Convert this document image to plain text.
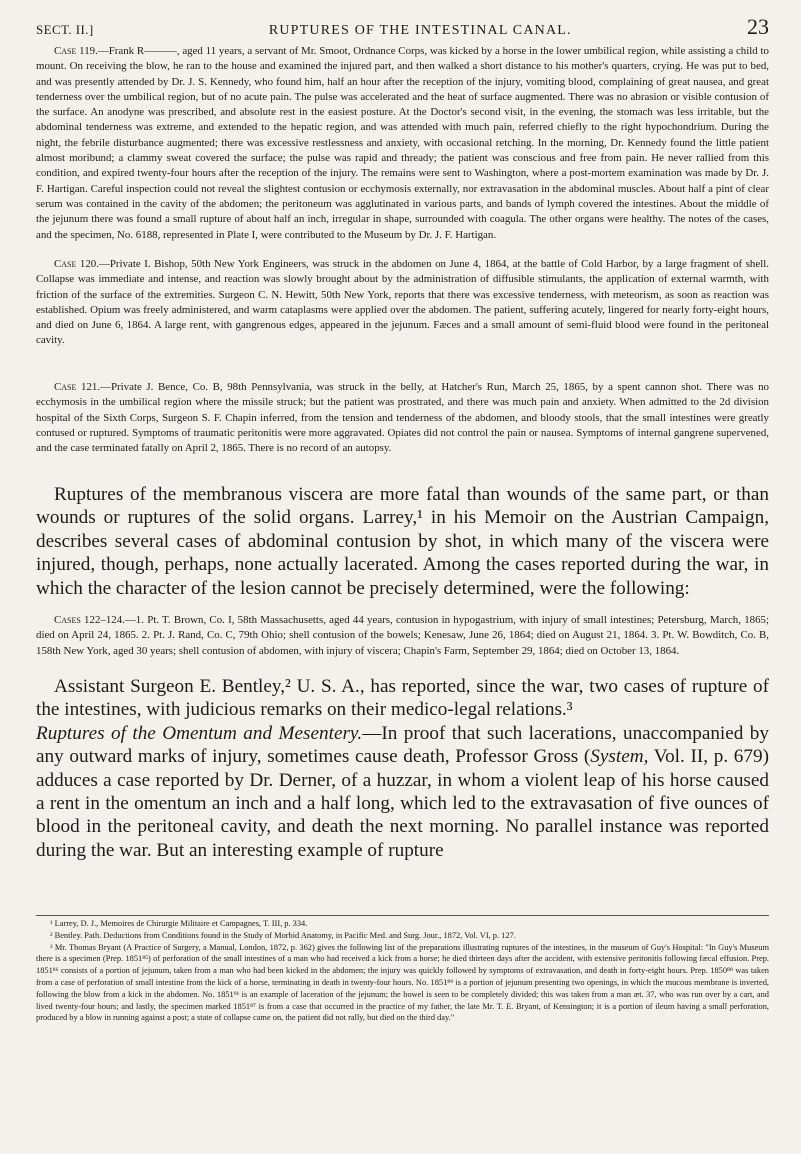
SECT. II.]	RUPTURES OF THE INTESTINAL CANAL.	23

Case 119.—Frank R———, aged 11 years, a servant of Mr. Smoot, Ordnance Corps, was kicked by a horse in the lower umbilical region, while assisting a child to mount. On receiving the blow, he ran to the house and examined the injured part, and then walked a short distance to his mother's quarters, crying. He was put to bed, and was presently attended by Dr. J. S. Kennedy, who found him, half an hour after the reception of the injury, vomiting blood, complaining of great nausea, and great tenderness over the umbilical region, but of no acute pain. The pulse was accelerated and the heat of surface augmented. There was no abrasion or visible contusion of the surface. An anodyne was prescribed, and absolute rest in the easiest posture. At the Doctor's second visit, in the evening, the stomach was less irritable, but the abdominal tenderness was extreme, and extended to the hepatic region, and was attended with much pain, referred chiefly to the right hypochondrium. During the night, the febrile disturbance augmented; there was excessive restlessness and anxiety, with occasional retching. In the morning, Dr. Kennedy found the little patient almost moribund; a clammy sweat covered the surface; the pulse was rapid and thready; the patient was conscious and free from pain. He never rallied from this condition, and expired twenty-four hours after the reception of the injury. The remains were sent to Washington, where a post-mortem examination was made by Dr. J. F. Hartigan. Careful inspection could not reveal the slightest contusion or ecchymosis externally, nor extravasation in the abdominal muscles. About half a pint of clear serum was contained in the cavity of the abdomen; the peritoneum was agglutinated in various parts, and bands of lymph covered the intestines. About the middle of the jejunum there was found a small rupture of about half an inch, irregular in shape, surrounded with coagula. The other organs were healthy. The notes of the cases, and the specimen, No. 6188, represented in Plate I, were contributed to the Museum by Dr. J. F. Hartigan.

Case 120.—Private I. Bishop, 50th New York Engineers, was struck in the abdomen on June 4, 1864, at the battle of Cold Harbor, by a large fragment of shell. Collapse was immediate and intense, and reaction was slowly brought about by the administration of diffusible stimulants, the application of external warmth, with friction of the surface of the extremities. Surgeon C. N. Hewitt, 50th New York, reports that there was excessive tenderness, with meteorism, as soon as reaction was established. Opium was freely administered, and warm cataplasms were applied over the abdomen. The patient, suffering acutely, lingered for nearly forty-eight hours, and died on June 6, 1864. A large rent, with gangrenous edges, appeared in the jejunum. Fæces and a small amount of semi-fluid blood were found in the peritoneal cavity.

Case 121.—Private J. Bence, Co. B, 98th Pennsylvania, was struck in the belly, at Hatcher's Run, March 25, 1865, by a spent cannon shot. There was no ecchymosis in the umbilical region where the missile struck; but the patient was prostrated, and there was much pain and anxiety. When admitted to the 2d division hospital of the Sixth Corps, Surgeon S. F. Chapin inferred, from the tension and tenderness of the abdomen, and bloody stools, that the small intestines were greatly contused or ruptured. Symptoms of traumatic peritonitis were more aggravated. Opiates did not control the pain or nausea. Symptoms of internal gangrene supervened, and the case terminated fatally on April 2, 1865. There is no record of an autopsy.

Ruptures of the membranous viscera are more fatal than wounds of the same part, or than wounds or ruptures of the solid organs. Larrey,¹ in his Memoir on the Austrian Campaign, describes several cases of abdominal contusion by shot, in which many of the viscera were injured, though, perhaps, none actually lacerated. Among the cases reported during the war, in which the character of the lesion cannot be precisely determined, were the following:

Cases 122–124.—1. Pt. T. Brown, Co. I, 58th Massachusetts, aged 44 years, contusion in hypogastrium, with injury of small intestines; Petersburg, March, 1865; died on April 24, 1865. 2. Pt. J. Rand, Co. C, 79th Ohio; shell contusion of the bowels; Kenesaw, June 26, 1864; died on August 21, 1864. 3. Pt. W. Bowditch, Co. B, 158th New York, aged 30 years; shell contusion of abdomen, with injury of viscera; Chapin's Farm, September 29, 1864; died on October 13, 1864.

Assistant Surgeon E. Bentley,² U. S. A., has reported, since the war, two cases of rupture of the intestines, with judicious remarks on their medico-legal relations.³
Ruptures of the Omentum and Mesentery.—In proof that such lacerations, unaccompanied by any outward marks of injury, sometimes cause death, Professor Gross (System, Vol. II, p. 679) adduces a case reported by Dr. Derner, of a huzzar, in whom a violent leap of his horse caused a rent in the omentum an inch and a half long, which led to the extravasation of five ounces of blood in the peritoneal cavity, and death the next morning. No parallel instance was reported during the war. But an interesting example of rupture

¹ Larrey, D. J., Memoires de Chirurgie Militaire et Campagnes, T. III, p. 334.

² Bentley. Path. Deductions from Conditions found in the Study of Morbid Anatomy, in Pacific Med. and Surg. Jour., 1872, Vol. VI, p. 127.

³ Mr. Thomas Bryant (A Practice of Surgery, a Manual, London, 1872, p. 362) gives the following list of the preparations illustrating ruptures of the intestines, in the museum of Guy's Hospital: "In Guy's Museum there is a specimen (Prep. 1851⁸⁵) of perforation of the small intestines of a man who had received a kick from a horse; he died thirteen days after the accident, with extensive peritonitis following fæcal effusion. Prep. 1851⁸⁶ consists of a portion of jejunum, taken from a man who had been kicked in the abdomen; the injury was quickly followed by symptoms of extravasation, and death in forty-eight hours. Prep. 1850⁸⁸ was taken from a case of perforation of small intestine from the kick of a horse, terminating in death in twenty-four hours. No. 1851⁸⁹ is a portion of jejunum presenting two openings, in which the mucous membrane is inverted, following the blow from a kick in the abdomen. No. 1851⁹¹ is an example of laceration of the jejunum; the bowel is seen to be completely divided; this was taken from a man æt. 37, who was run over by a cart, and lived twenty-four hours; and lastly, the specimen marked 1851⁸⁷ is from a case that occurred in the practice of my father, the late Mr. T. E. Bryant, of Kensington; it is a portion of ileum having a small perforation, produced by a blow in running against a post; a state of collapse came on, the patient did not rally, but died on the third day."
